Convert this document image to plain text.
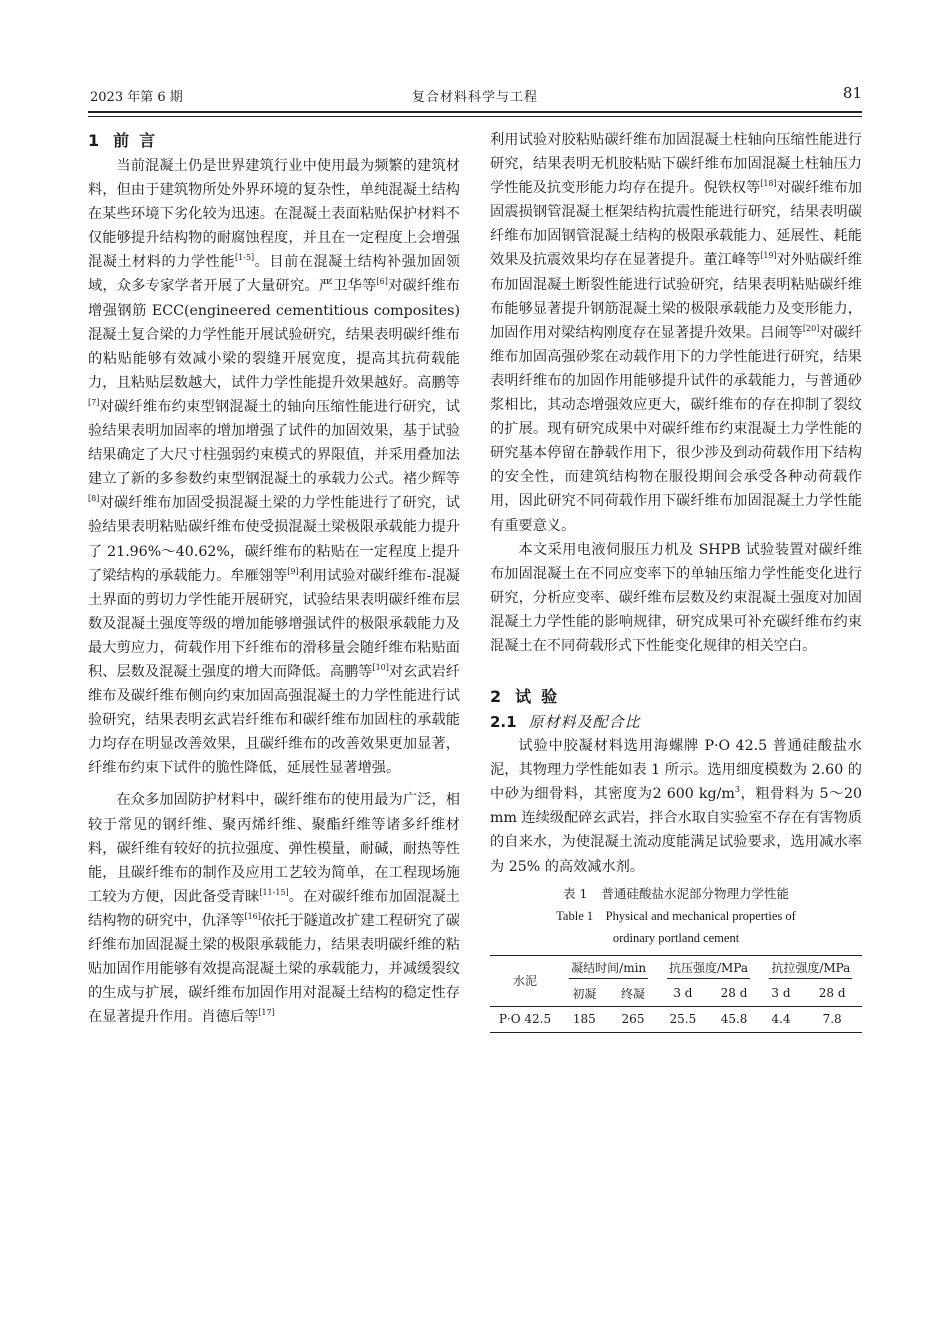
2023 年第 6 期	复合材料科学与工程	81
1 前言

当前混凝土仍是世界建筑行业中使用最为频繁的建筑材料，但由于建筑物所处外界环境的复杂性，单纯混凝土结构在某些环境下劣化较为迅速。在混凝土表面粘贴保护材料不仅能够提升结构物的耐腐蚀程度，并且在一定程度上会增强混凝土材料的力学性能[1-5]。目前在混凝土结构补强加固领域，众多专家学者开展了大量研究。严卫华等[6]对碳纤维布增强钢筋 ECC(engineered cementitious composites)混凝土复合梁的力学性能开展试验研究，结果表明碳纤维布的粘贴能够有效减小梁的裂缝开展宽度，提高其抗荷载能力，且粘贴层数越大，试件力学性能提升效果越好。高鹏等[7]对碳纤维布约束型钢混凝土的轴向压缩性能进行研究，试验结果表明加固率的增加增强了试件的加固效果，基于试验结果确定了大尺寸柱强弱约束模式的界限值，并采用叠加法建立了新的多参数约束型钢混凝土的承载力公式。褚少辉等[8]对碳纤维布加固受损混凝土梁的力学性能进行了研究，试验结果表明粘贴碳纤维布使受损混凝土梁极限承载能力提升了 21.96%～40.62%，碳纤维布的粘贴在一定程度上提升了梁结构的承载能力。牟雁翎等[9]利用试验对碳纤维布-混凝土界面的剪切力学性能开展研究，试验结果表明碳纤维布层数及混凝土强度等级的增加能够增强试件的极限承载能力及最大剪应力，荷载作用下纤维布的滑移量会随纤维布粘贴面积、层数及混凝土强度的增大而降低。高鹏等[10]对玄武岩纤维布及碳纤维布侧向约束加固高强混凝土的力学性能进行试验研究，结果表明玄武岩纤维布和碳纤维布加固柱的承载能力均存在明显改善效果，且碳纤维布的改善效果更加显著，纤维布约束下试件的脆性降低，延展性显著增强。

在众多加固防护材料中，碳纤维布的使用最为广泛，相较于常见的钢纤维、聚丙烯纤维、聚酯纤维等诸多纤维材料，碳纤维有较好的抗拉强度、弹性模量，耐碱，耐热等性能，且碳纤维布的制作及应用工艺较为简单，在工程现场施工较为方便，因此备受青睐[11-15]。在对碳纤维布加固混凝土结构物的研究中，仇泽等[16]依托于隧道改扩建工程研究了碳纤维布加固混凝土梁的极限承载能力，结果表明碳纤维的粘贴加固作用能够有效提高混凝土梁的承载能力，并减缓裂纹的生成与扩展，碳纤维布加固作用对混凝土结构的稳定性存在显著提升作用。肖德后等[17]

利用试验对胶粘贴碳纤维布加固混凝土柱轴向压缩性能进行研究，结果表明无机胶粘贴下碳纤维布加固混凝土柱轴压力学性能及抗变形能力均存在提升。倪铁权等[18]对碳纤维布加固震损钢管混凝土框架结构抗震性能进行研究，结果表明碳纤维布加固钢管混凝土结构的极限承载能力、延展性、耗能效果及抗震效果均存在显著提升。董江峰等[19]对外贴碳纤维布加固混凝土断裂性能进行试验研究，结果表明粘贴碳纤维布能够显著提升钢筋混凝土梁的极限承载能力及变形能力，加固作用对梁结构刚度存在显著提升效果。吕闹等[20]对碳纤维布加固高强砂浆在动载作用下的力学性能进行研究，结果表明纤维布的加固作用能够提升试件的承载能力，与普通砂浆相比，其动态增强效应更大，碳纤维布的存在抑制了裂纹的扩展。现有研究成果中对碳纤维布约束混凝土力学性能的研究基本停留在静载作用下，很少涉及到动荷载作用下结构的安全性，而建筑结构物在服役期间会承受各种动荷载作用，因此研究不同荷载作用下碳纤维布加固混凝土力学性能有重要意义。

本文采用电液伺服压力机及 SHPB 试验装置对碳纤维布加固混凝土在不同应变率下的单轴压缩力学性能变化进行研究，分析应变率、碳纤维布层数及约束混凝土强度对加固混凝土力学性能的影响规律，研究成果可补充碳纤维布约束混凝土在不同荷载形式下性能变化规律的相关空白。

2 试验
2.1 原材料及配合比

试验中胶凝材料选用海螺牌 P·O 42.5 普通硅酸盐水泥，其物理力学性能如表 1 所示。选用细度模数为 2.60 的中砂为细骨料，其密度为2 600 kg/m$^3$，粗骨料为 5～20 mm 连续级配碎玄武岩，拌合水取自实验室不存在有害物质的自来水，为使混凝土流动度能满足试验要求，选用减水率为 25% 的高效减水剂。

表 1 普通硅酸盐水泥部分物理力学性能
Table 1　Physical and mechanical properties of
ordinary portland cement
水泥	凝结时间/min		抗压强度/MPa		抗拉强度/MPa	
	初凝	终凝	3 d	28 d	3 d	28 d
P·O 42.5	185	265	25.5	45.8	4.4	7.8
